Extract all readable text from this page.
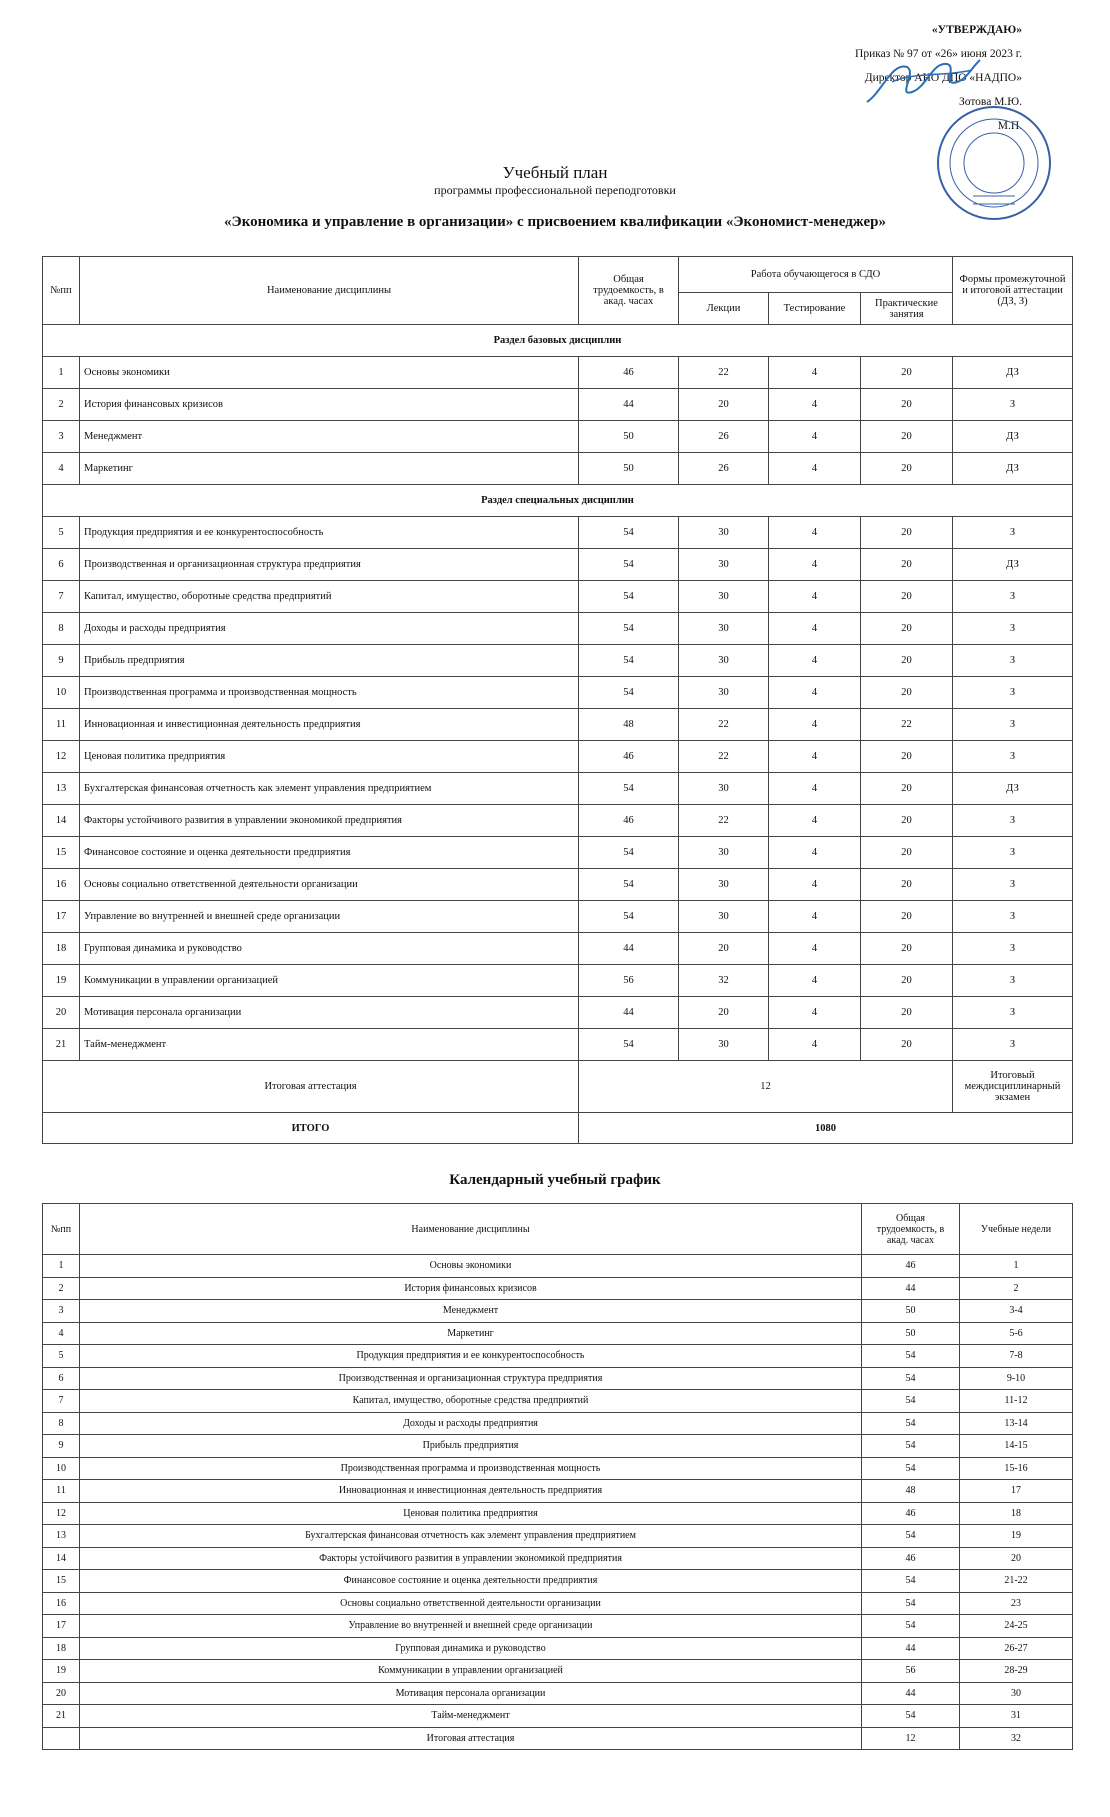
«УТВЕРЖДАЮ»
Приказ № 97 от «26» июня 2023 г.
Директор АНО ДПО «НАДПО»
Зотова М.Ю.
М.П.
Учебный план
программы профессиональной переподготовки
«Экономика и управление в организации» с присвоением квалификации «Экономист-менеджер»
№пп	Наименование дисциплины	Общая трудоемкость, в акад. часах	Работа обучающегося в СДО			Формы промежуточной и итоговой аттестации (ДЗ, З)
			Лекции	Тестирование	Практические занятия	
Раздел базовых дисциплин						
1	Основы экономики	46	22	4	20	ДЗ
2	История финансовых кризисов	44	20	4	20	З
3	Менеджмент	50	26	4	20	ДЗ
4	Маркетинг	50	26	4	20	ДЗ
Раздел специальных дисциплин						
5	Продукция предприятия и ее конкурентоспособность	54	30	4	20	З
6	Производственная и организационная структура предприятия	54	30	4	20	ДЗ
7	Капитал, имущество, оборотные средства предприятий	54	30	4	20	З
8	Доходы и расходы предприятия	54	30	4	20	З
9	Прибыль предприятия	54	30	4	20	З
10	Производственная программа и производственная мощность	54	30	4	20	З
11	Инновационная и инвестиционная деятельность предприятия	48	22	4	22	З
12	Ценовая политика предприятия	46	22	4	20	З
13	Бухгалтерская финансовая отчетность как элемент управления предприятием	54	30	4	20	ДЗ
14	Факторы устойчивого развития в управлении экономикой предприятия	46	22	4	20	З
15	Финансовое состояние и оценка деятельности предприятия	54	30	4	20	З
16	Основы социально ответственной деятельности организации	54	30	4	20	З
17	Управление во внутренней и внешней среде организации	54	30	4	20	З
18	Групповая динамика и руководство	44	20	4	20	З
19	Коммуникации в управлении организацией	56	32	4	20	З
20	Мотивация персонала организации	44	20	4	20	З
21	Тайм-менеджмент	54	30	4	20	З
Итоговая аттестация		12				Итоговый междисциплинарный экзамен
ИТОГО		1080				
Календарный учебный график
№пп	Наименование дисциплины	Общая трудоемкость, в акад. часах	Учебные недели
1	Основы экономики	46	1
2	История финансовых кризисов	44	2
3	Менеджмент	50	3-4
4	Маркетинг	50	5-6
5	Продукция предприятия и ее конкурентоспособность	54	7-8
6	Производственная и организационная структура предприятия	54	9-10
7	Капитал, имущество, оборотные средства предприятий	54	11-12
8	Доходы и расходы предприятия	54	13-14
9	Прибыль предприятия	54	14-15
10	Производственная программа и производственная мощность	54	15-16
11	Инновационная и инвестиционная деятельность предприятия	48	17
12	Ценовая политика предприятия	46	18
13	Бухгалтерская финансовая отчетность как элемент управления предприятием	54	19
14	Факторы устойчивого развития в управлении экономикой предприятия	46	20
15	Финансовое состояние и оценка деятельности предприятия	54	21-22
16	Основы социально ответственной деятельности организации	54	23
17	Управление во внутренней и внешней среде организации	54	24-25
18	Групповая динамика и руководство	44	26-27
19	Коммуникации в управлении организацией	56	28-29
20	Мотивация персонала организации	44	30
21	Тайм-менеджмент	54	31
	Итоговая аттестация	12	32
